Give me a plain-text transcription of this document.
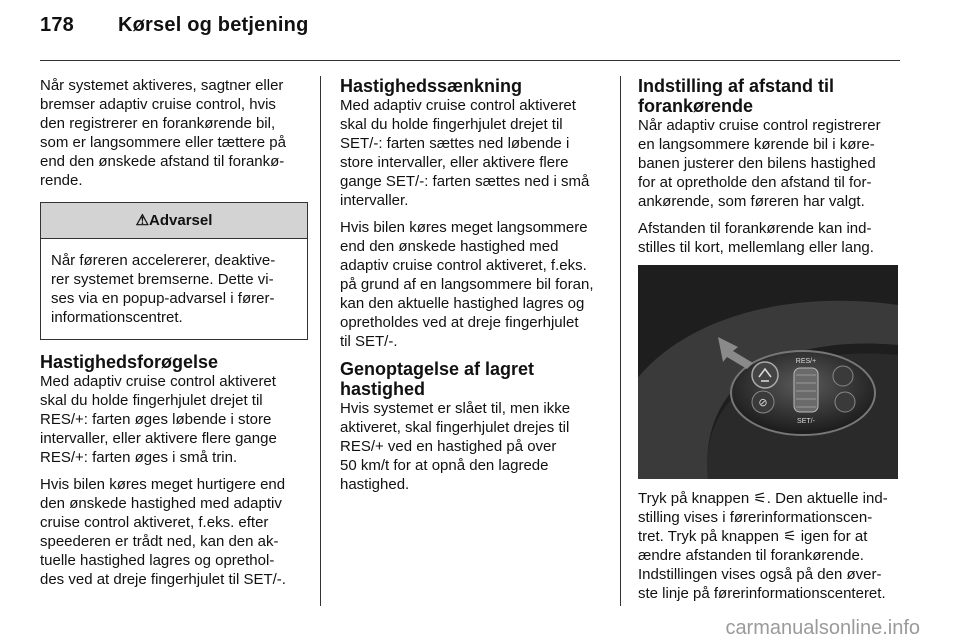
178 Kørsel og betjening

Når systemet aktiveres, sagtner eller
bremser adaptiv cruise control, hvis
den registrerer en forankørende bil,
som er langsommere eller tættere på
end den ønskede afstand til forankø-
rende.

⚠Advarsel
Når føreren accelererer, deaktive-
rer systemet bremserne. Dette vi-
ses via en popup-advarsel i fører-
informationscentret.
Hastighedsforøgelse

Med adaptiv cruise control aktiveret
skal du holde fingerhjulet drejet til
RES/+: farten øges løbende i store
intervaller, eller aktivere flere gange
RES/+: farten øges i små trin.

Hvis bilen køres meget hurtigere end
den ønskede hastighed med adaptiv
cruise control aktiveret, f.eks. efter
speederen er trådt ned, kan den ak-
tuelle hastighed lagres og oprethol-
des ved at dreje fingerhjulet til SET/-.

Hastighedssænkning

Med adaptiv cruise control aktiveret
skal du holde fingerhjulet drejet til
SET/-: farten sættes ned løbende i
store intervaller, eller aktivere flere
gange SET/-: farten sættes ned i små
intervaller.

Hvis bilen køres meget langsommere
end den ønskede hastighed med
adaptiv cruise control aktiveret, f.eks.
på grund af en langsommere bil foran,
kan den aktuelle hastighed lagres og
opretholdes ved at dreje fingerhjulet
til SET/-.

Genoptagelse af lagret
hastighed

Hvis systemet er slået til, men ikke
aktiveret, skal fingerhjulet drejes til
RES/+ ved en hastighed på over
50 km/t for at opnå den lagrede
hastighed.

Indstilling af afstand til
forankørende

Når adaptiv cruise control registrerer
en langsommere kørende bil i køre-
banen justerer den bilens hastighed
for at opretholde den afstand til for-
ankørende, som føreren har valgt.

Afstanden til forankørende kan ind-
stilles til kort, mellemlang eller lang.

⊘
RES/+
SET/-

Tryk på knappen ⚟. Den aktuelle ind-
stilling vises i førerinformationscen-
tret. Tryk på knappen ⚟ igen for at
ændre afstanden til forankørende.
Indstillingen vises også på den øver-
ste linje på førerinformationscenteret.

carmanualsonline.info
